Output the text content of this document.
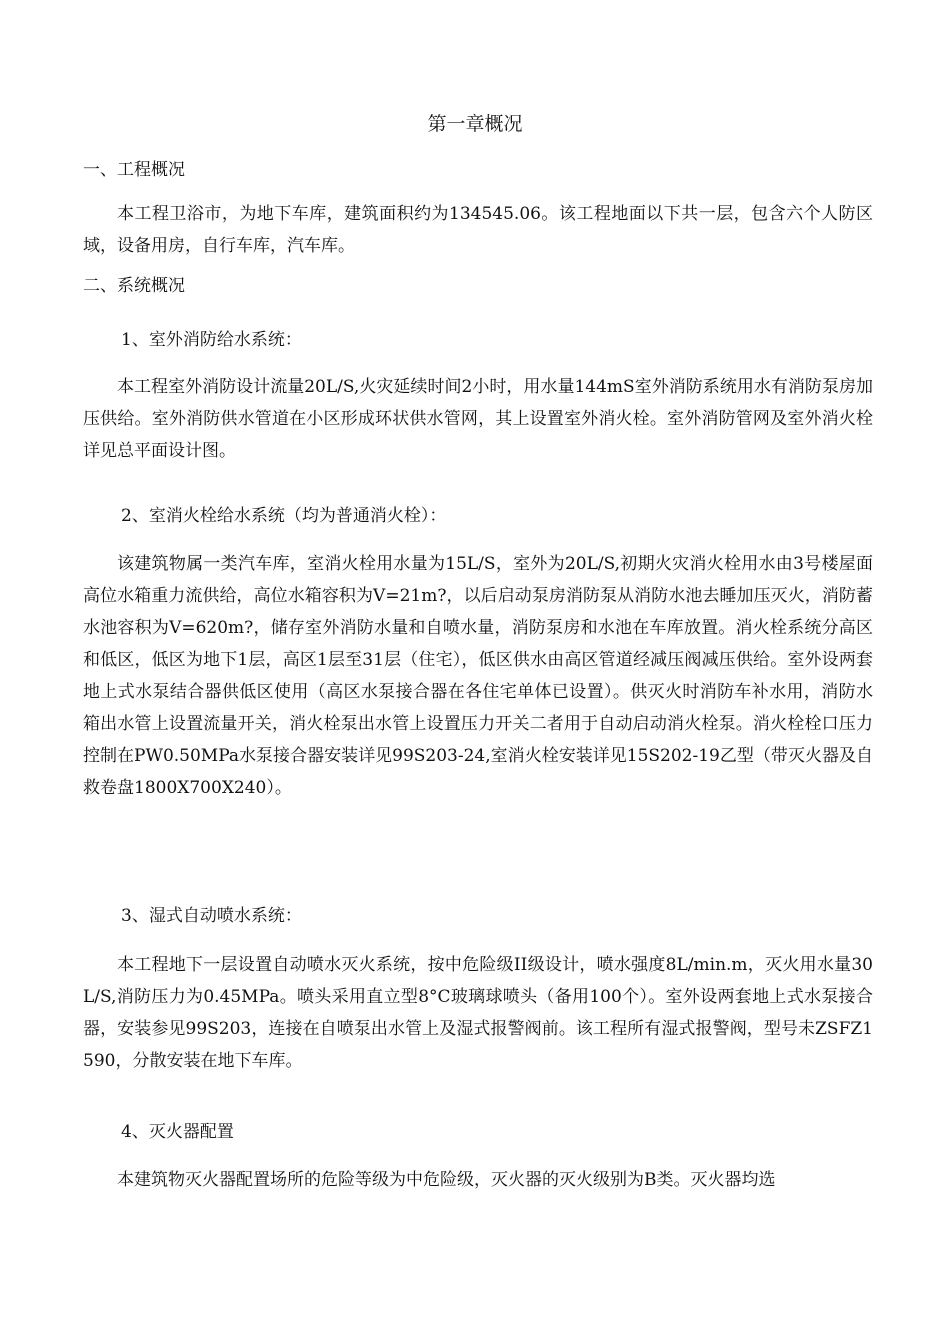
第一章概况
一、工程概况
本工程卫浴市，为地下车库，建筑面积约为134545.06。该工程地面以下共一层，包含六个人防区域，设备用房，自行车库，汽车库。
二、系统概况
1、室外消防给水系统：
本工程室外消防设计流量20L/S,火灾延续时间2小时，用水量144mS室外消防系统用水有消防泵房加压供给。室外消防供水管道在小区形成环状供水管网，其上设置室外消火栓。室外消防管网及室外消火栓详见总平面设计图。
2、室消火栓给水系统（均为普通消火栓）：
该建筑物属一类汽车库，室消火栓用水量为15L/S，室外为20L/S,初期火灾消火栓用水由3号楼屋面高位水箱重力流供给，高位水箱容积为V=21m?，以后启动泵房消防泵从消防水池去睡加压灭火，消防蓄水池容积为V=620m?，储存室外消防水量和自喷水量，消防泵房和水池在车库放置。消火栓系统分高区和低区，低区为地下1层，高区1层至31层（住宅），低区供水由高区管道经减压阀减压供给。室外设两套地上式水泵结合器供低区使用（高区水泵接合器在各住宅单体已设置）。供灭火时消防车补水用，消防水箱出水管上设置流量开关，消火栓泵出水管上设置压力开关二者用于自动启动消火栓泵。消火栓栓口压力控制在PW0.50MPa水泵接合器安装详见99S203-24,室消火栓安装详见15S202-19乙型（带灭火器及自救卷盘1800X700X240）。
3、湿式自动喷水系统：
本工程地下一层设置自动喷水灭火系统，按中危险级II级设计，喷水强度8L/min.m，灭火用水量30L/S,消防压力为0.45MPa。喷头采用直立型8°C玻璃球喷头（备用100个）。室外设两套地上式水泵接合器，安装参见99S203，连接在自喷泵出水管上及湿式报警阀前。该工程所有湿式报警阀，型号未ZSFZ1590，分散安装在地下车库。
4、灭火器配置
本建筑物灭火器配置场所的危险等级为中危险级，灭火器的灭火级别为B类。灭火器均选
